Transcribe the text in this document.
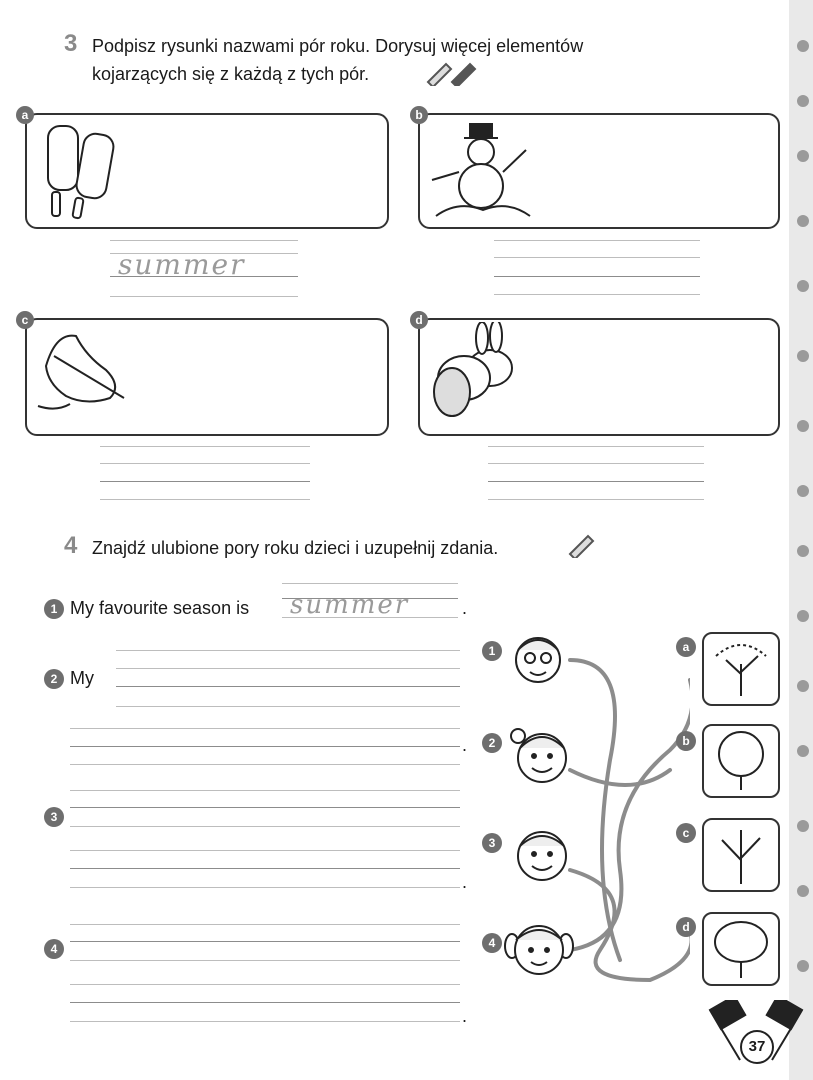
3 Podpisz rysunki nazwami pór roku. Dorysuj więcej elementów
kojarzących się z każdą z tych pór.
a	b
summer
c	d
4 Znajdź ulubione pory roku dzieci i uzupełnij zdania.
1 My favourite season is summer	.
2 My
.
3
.
4
.
1
2
3
4
a
b
c
d
37
